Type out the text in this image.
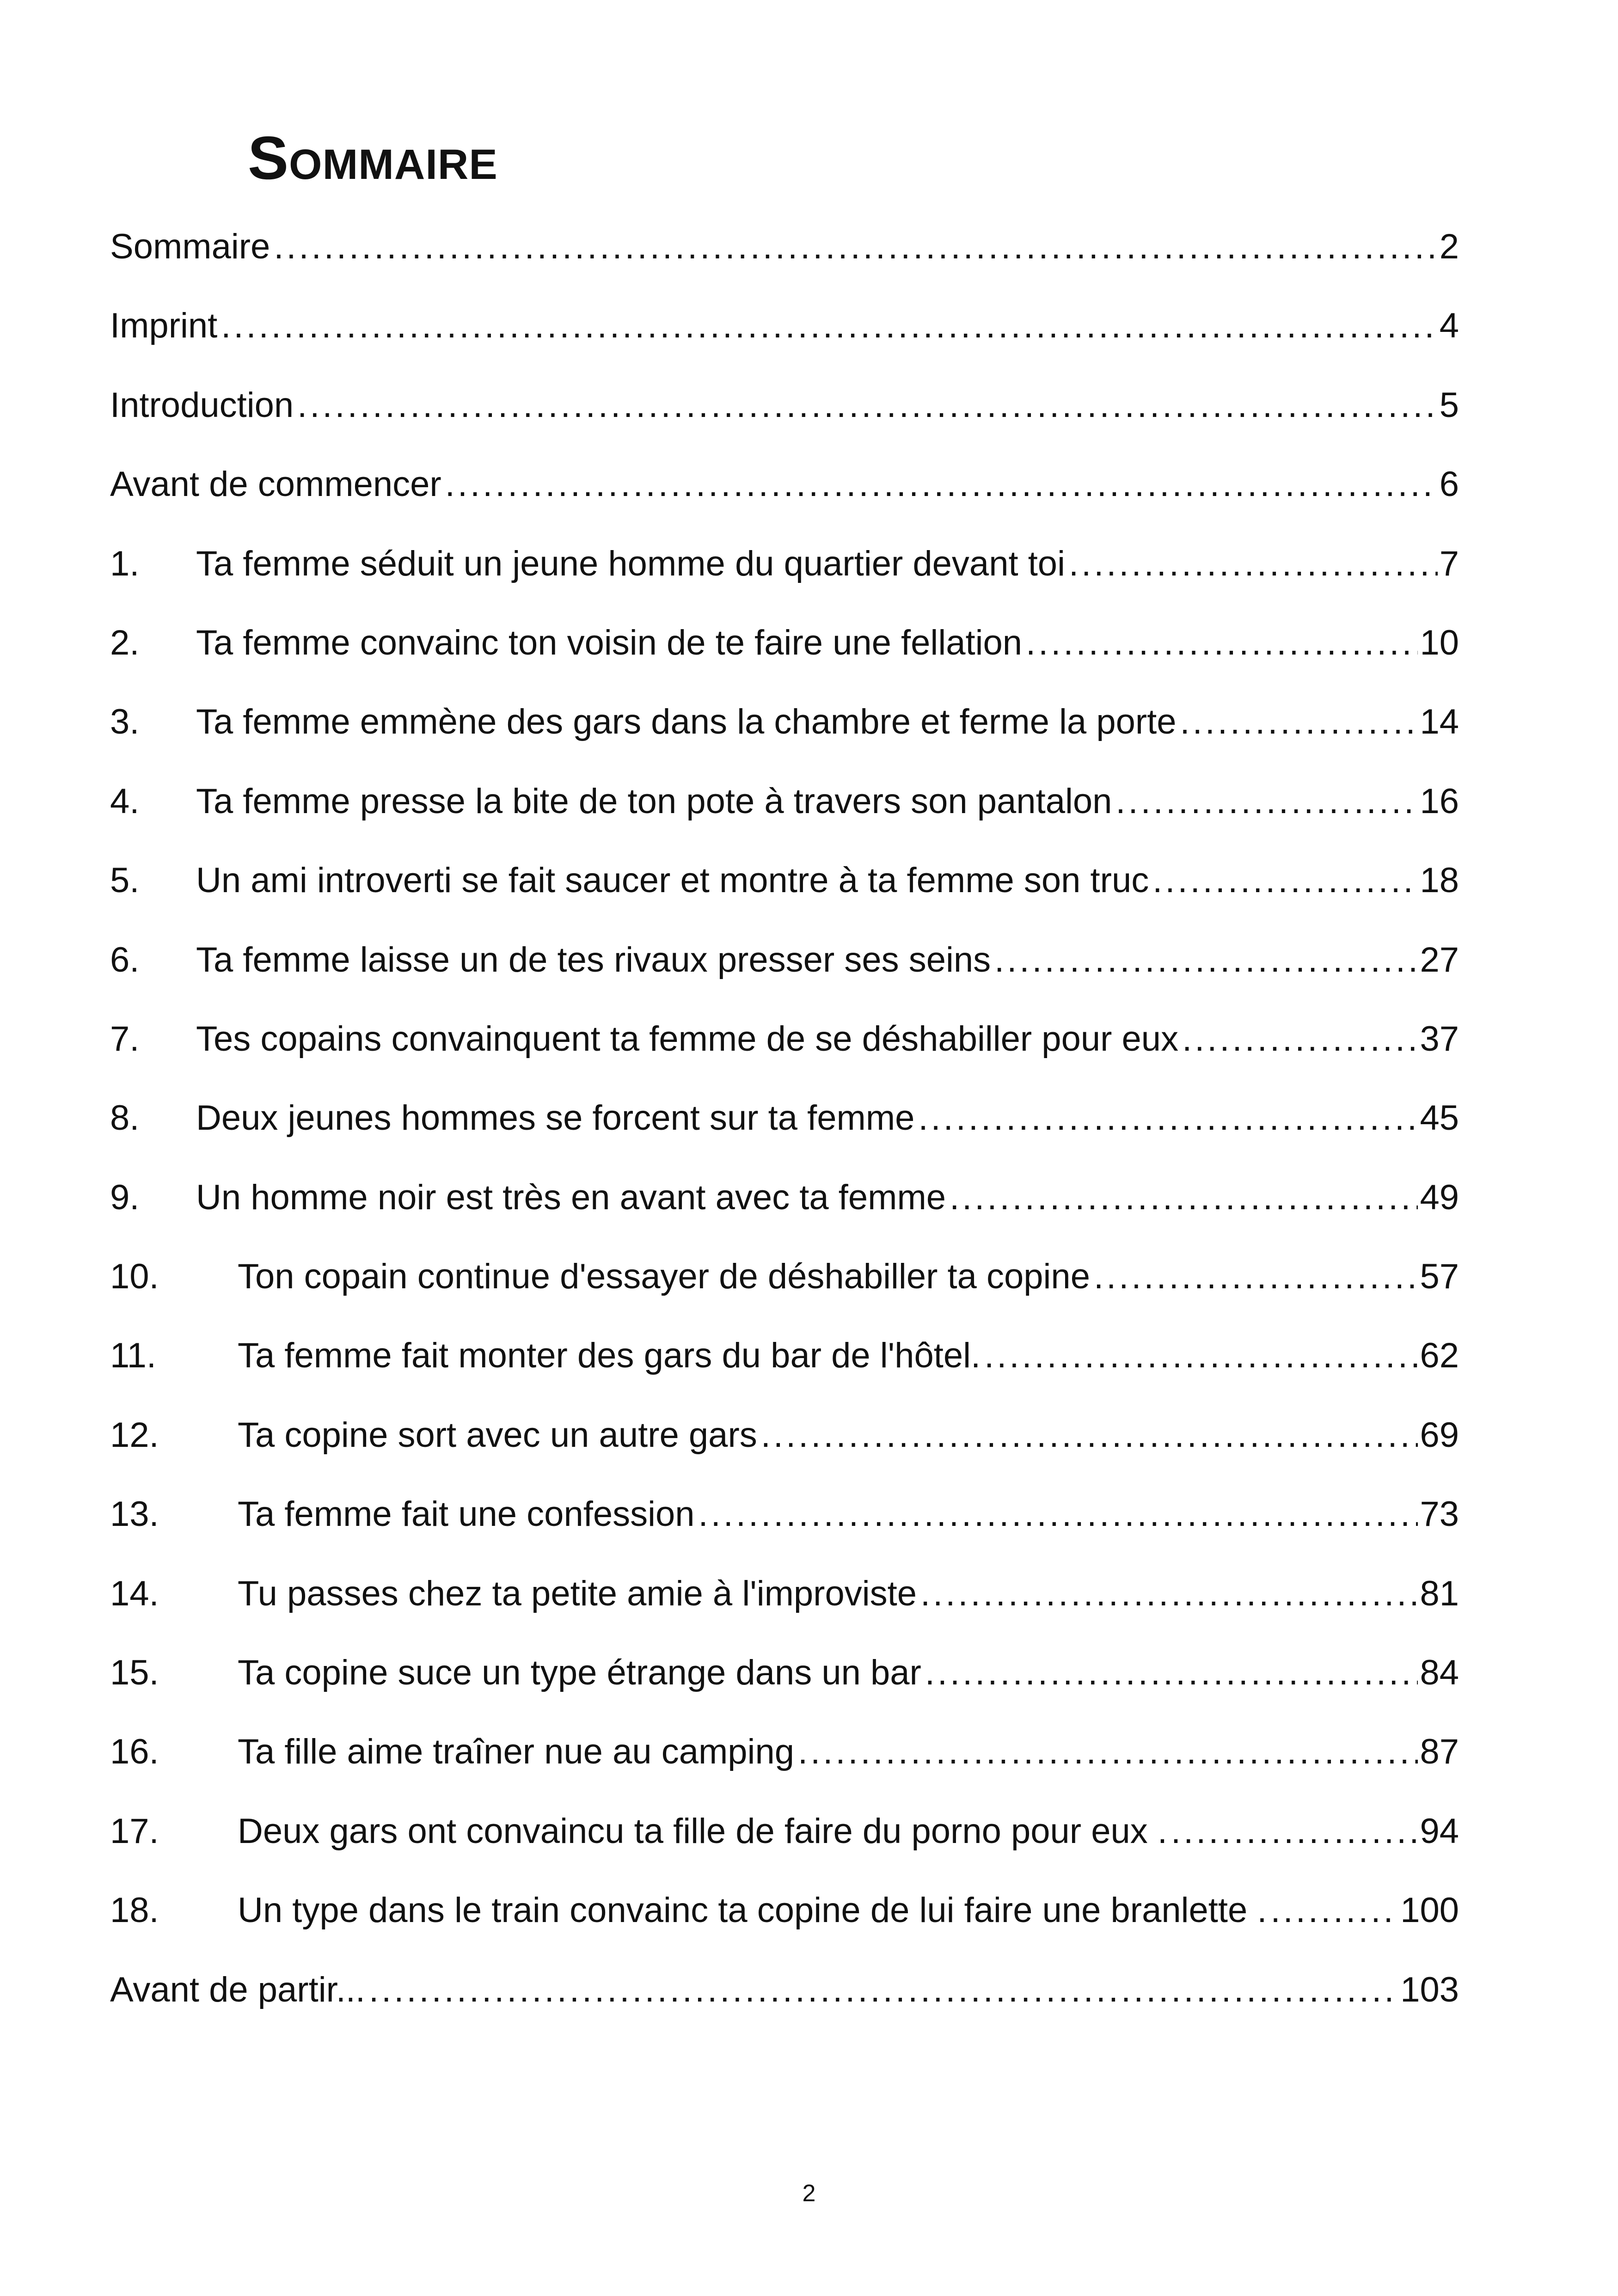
Sommaire
Sommaire .....	2
Imprint .....	4
Introduction .....	5
Avant de commencer .....	6
1.	Ta femme séduit un jeune homme du quartier devant toi .....	7
2.	Ta femme convainc ton voisin de te faire une fellation .....	10
3.	Ta femme emmène des gars dans la chambre et ferme la porte .....	14
4.	Ta femme presse la bite de ton pote à travers son pantalon .....	16
5.	Un ami introverti se fait saucer et montre à ta femme son truc .....	18
6.	Ta femme laisse un de tes rivaux presser ses seins .....	27
7.	Tes copains convainquent ta femme de se déshabiller pour eux .....	37
8.	Deux jeunes hommes se forcent sur ta femme .....	45
9.	Un homme noir est très en avant avec ta femme .....	49
10.	Ton copain continue d'essayer de déshabiller ta copine .....	57
11.	Ta femme fait monter des gars du bar de l'hôtel. .....	62
12.	Ta copine sort avec un autre gars .....	69
13.	Ta femme fait une confession .....	73
14.	Tu passes chez ta petite amie à l'improviste .....	81
15.	Ta copine suce un type étrange dans un bar .....	84
16.	Ta fille aime traîner nue au camping .....	87
17.	Deux gars ont convaincu ta fille de faire du porno pour eux . .....	94
18.	Un type dans le train convainc ta copine de lui faire une branlette . .....	100
Avant de partir... .....	103
2
